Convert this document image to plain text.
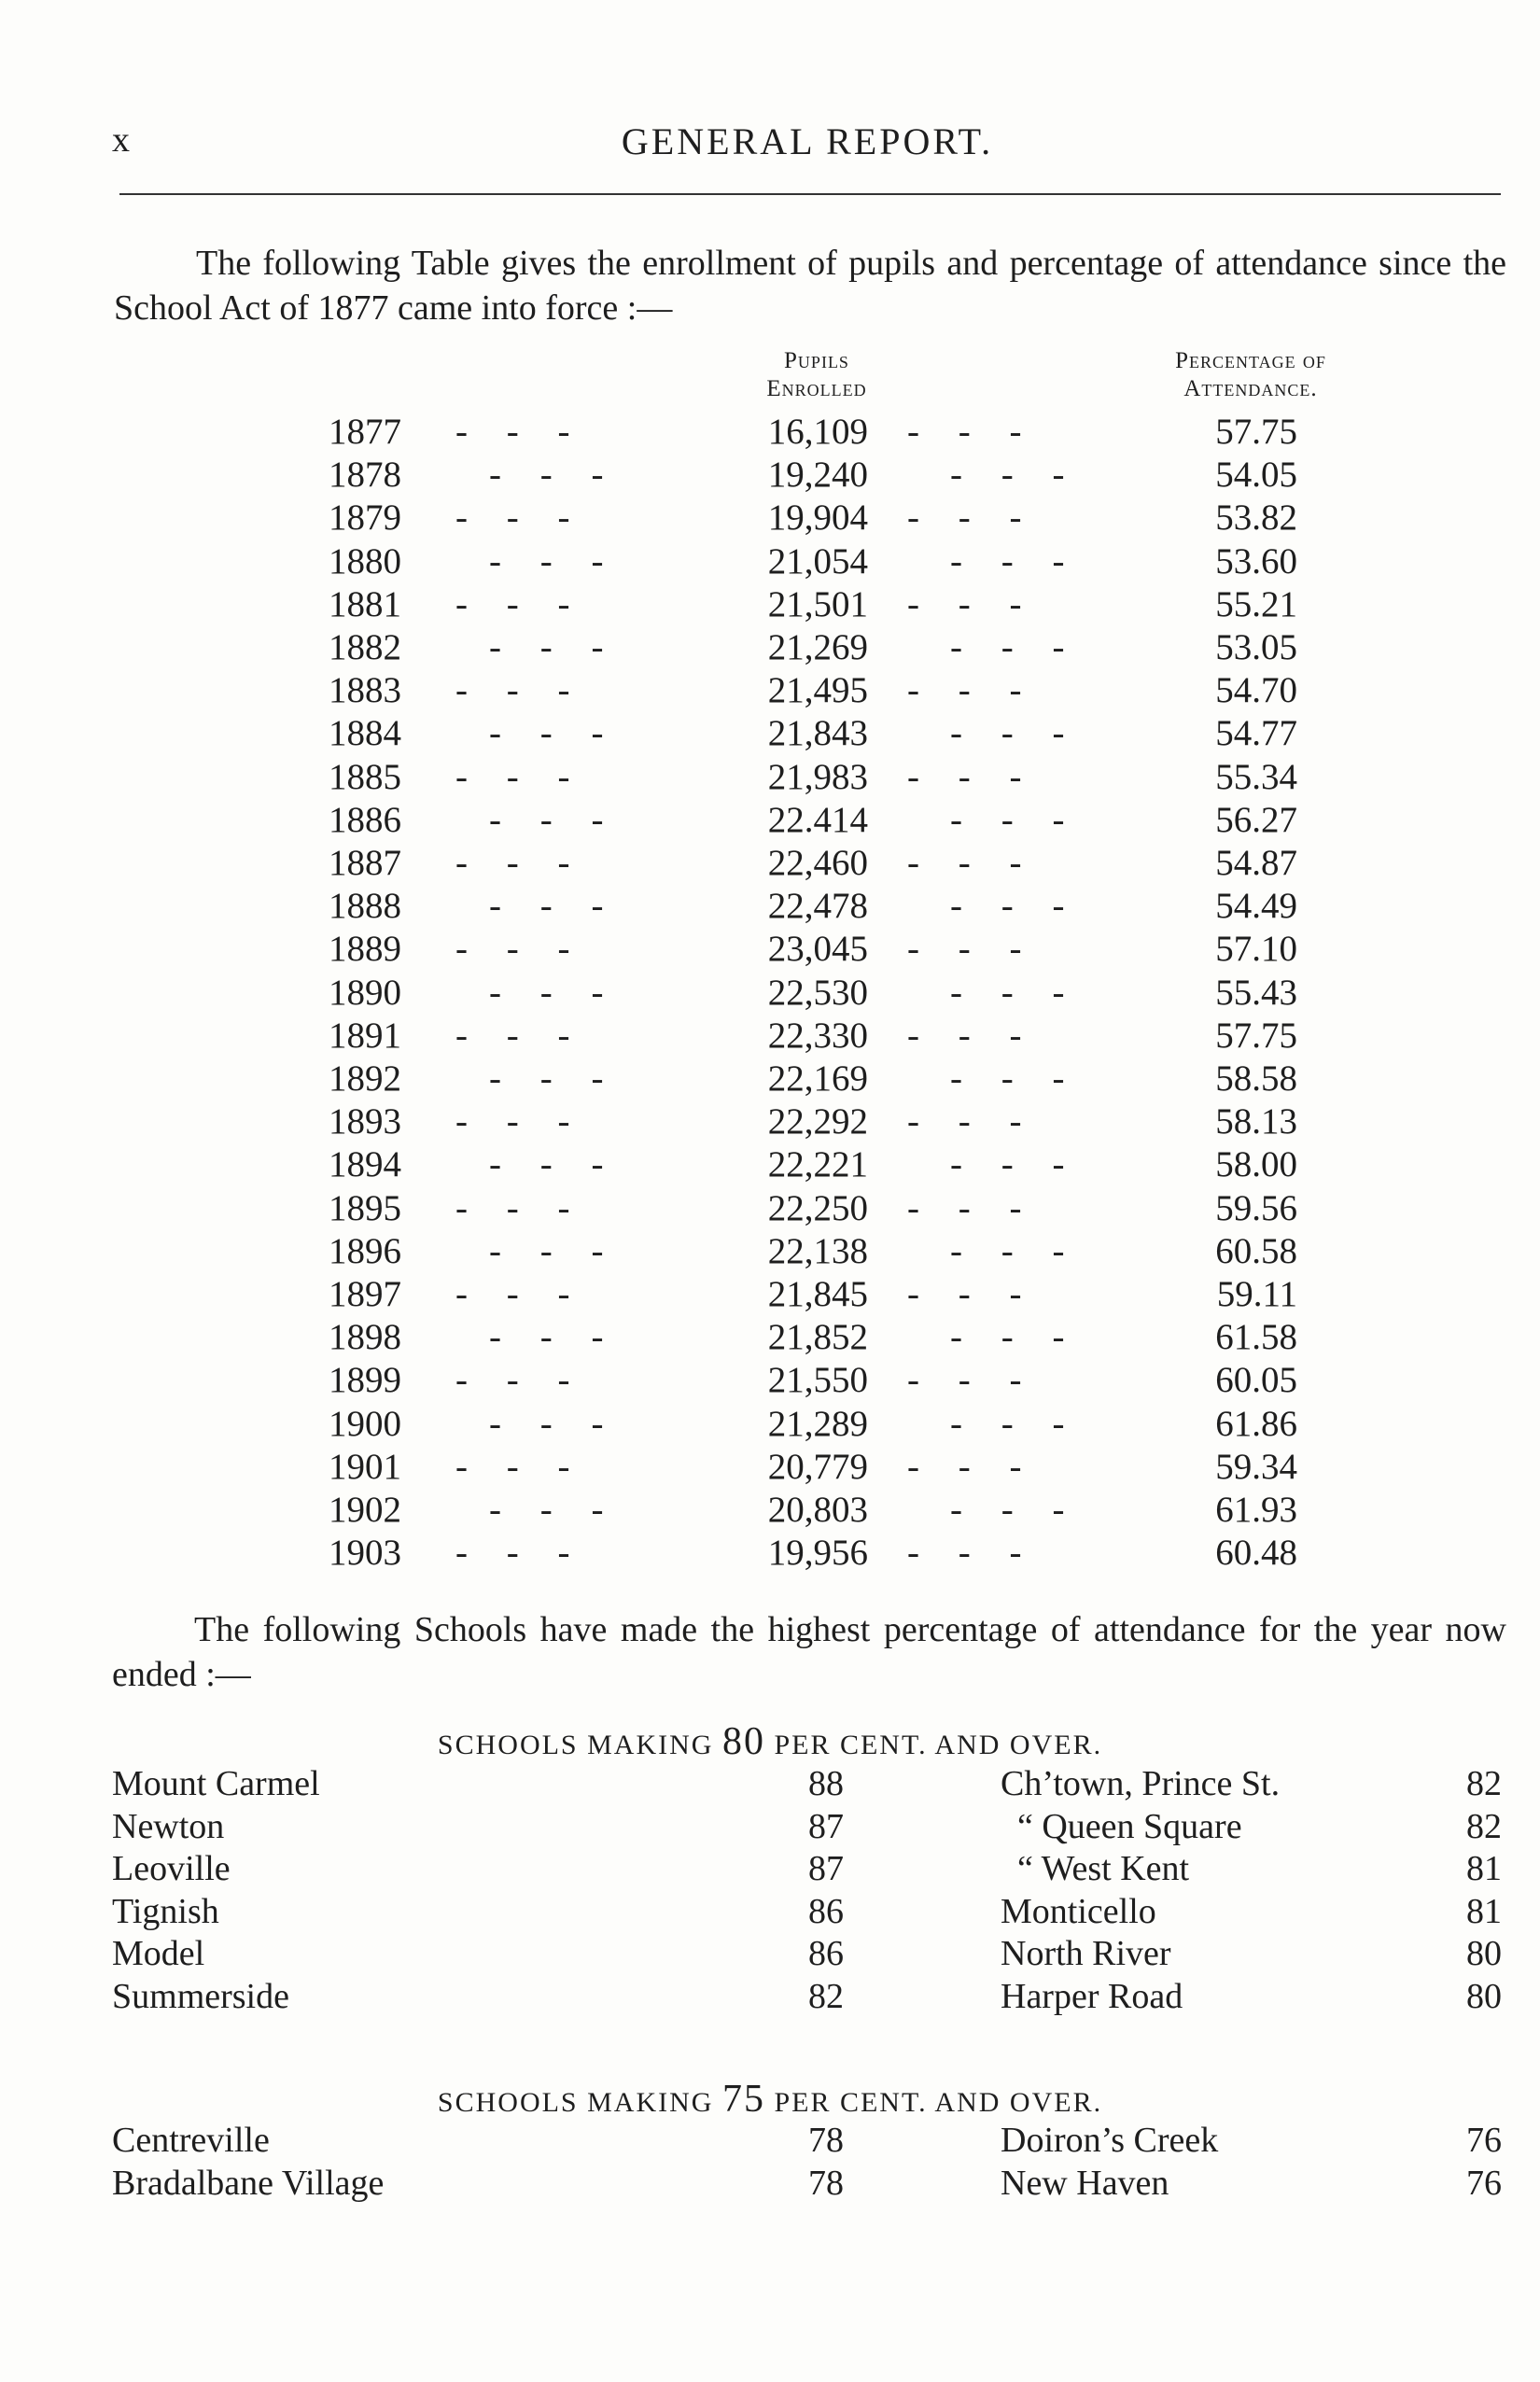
x	GENERAL REPORT.

The following Table gives the enrollment of pupils and percentage of attendance since the School Act of 1877 came into force :—

Pupils
Enrolled
Percentage of
Attendance.
1877 - - -	16,109 - - -	57.75
1878 - - -	19,240 - - -	54.05
1879 - - -	19,904 - - -	53.82
1880 - - -	21,054 - - -	53.60
1881 - - -	21,501 - - -	55.21
1882 - - -	21,269 - - -	53.05
1883 - - -	21,495 - - -	54.70
1884 - - -	21,843 - - -	54.77
1885 - - -	21,983 - - -	55.34
1886 - - -	22.414 - - -	56.27
1887 - - -	22,460 - - -	54.87
1888 - - -	22,478 - - -	54.49
1889 - - -	23,045 - - -	57.10
1890 - - -	22,530 - - -	55.43
1891 - - -	22,330 - - -	57.75
1892 - - -	22,169 - - -	58.58
1893 - - -	22,292 - - -	58.13
1894 - - -	22,221 - - -	58.00
1895 - - -	22,250 - - -	59.56
1896 - - -	22,138 - - -	60.58
1897 - - -	21,845 - - -	59.11
1898 - - -	21,852 - - -	61.58
1899 - - -	21,550 - - -	60.05
1900 - - -	21,289 - - -	61.86
1901 - - -	20,779 - - -	59.34
1902 - - -	20,803 - - -	61.93
1903 - - -	19,956 - - -	60.48

The following Schools have made the highest percentage of attendance for the year now ended :—

SCHOOLS MAKING 80 PER CENT. AND OVER.
Mount Carmel	88	Ch’town, Prince St.	82
Newton	87	“ Queen Square	82
Leoville	87	“ West Kent	81
Tignish	86	Monticello	81
Model	86	North River	80
Summerside	82	Harper Road	80
SCHOOLS MAKING 75 PER CENT. AND OVER.
Centreville	78	Doiron’s Creek	76
Bradalbane Village	78	New Haven	76
